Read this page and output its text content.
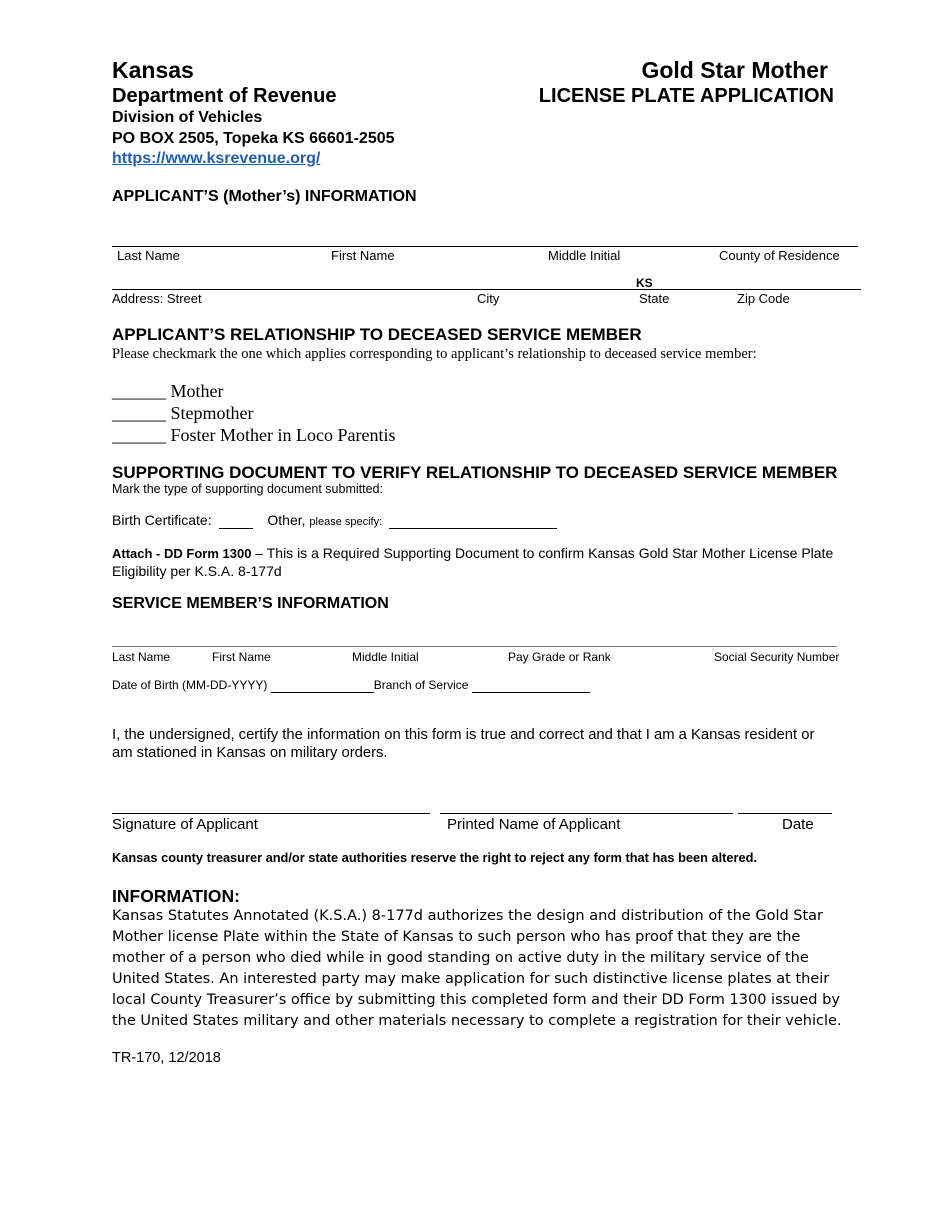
Kansas
Department of Revenue
Division of Vehicles
PO BOX 2505, Topeka KS 66601-2505
https://www.ksrevenue.org/
Gold Star Mother
LICENSE PLATE APPLICATION
APPLICANT’S (Mother’s) INFORMATION
Last Name	First Name	Middle Initial	County of Residence
KS
Address: Street	City	State	Zip Code
APPLICANT’S RELATIONSHIP TO DECEASED SERVICE MEMBER
Please checkmark the one which applies corresponding to applicant’s relationship to deceased service member:
______ Mother
______ Stepmother
______ Foster Mother in Loco Parentis
SUPPORTING DOCUMENT TO VERIFY RELATIONSHIP TO DECEASED SERVICE MEMBER
Mark the type of supporting document submitted:
Birth Certificate:	Other, please specify:
Attach - DD Form 1300 – This is a Required Supporting Document to confirm Kansas Gold Star Mother License Plate
Eligibility per K.S.A. 8-177d
SERVICE MEMBER’S INFORMATION
Last Name	First Name	Middle Initial	Pay Grade or Rank	Social Security Number
Date of Birth (MM-DD-YYYY)	Branch of Service
I, the undersigned, certify the information on this form is true and correct and that I am a Kansas resident or
am stationed in Kansas on military orders.
Signature of Applicant	Printed Name of Applicant	Date
Kansas county treasurer and/or state authorities reserve the right to reject any form that has been altered.
INFORMATION:
Kansas Statutes Annotated (K.S.A.) 8-177d authorizes the design and distribution of the Gold Star Mother license Plate within the State of Kansas to such person who has proof that they are the mother of a person who died while in good standing on active duty in the military service of the United States. An interested party may make application for such distinctive license plates at their local County Treasurer’s office by submitting this completed form and their DD Form 1300 issued by the United States military and other materials necessary to complete a registration for their vehicle.
TR-170, 12/2018
